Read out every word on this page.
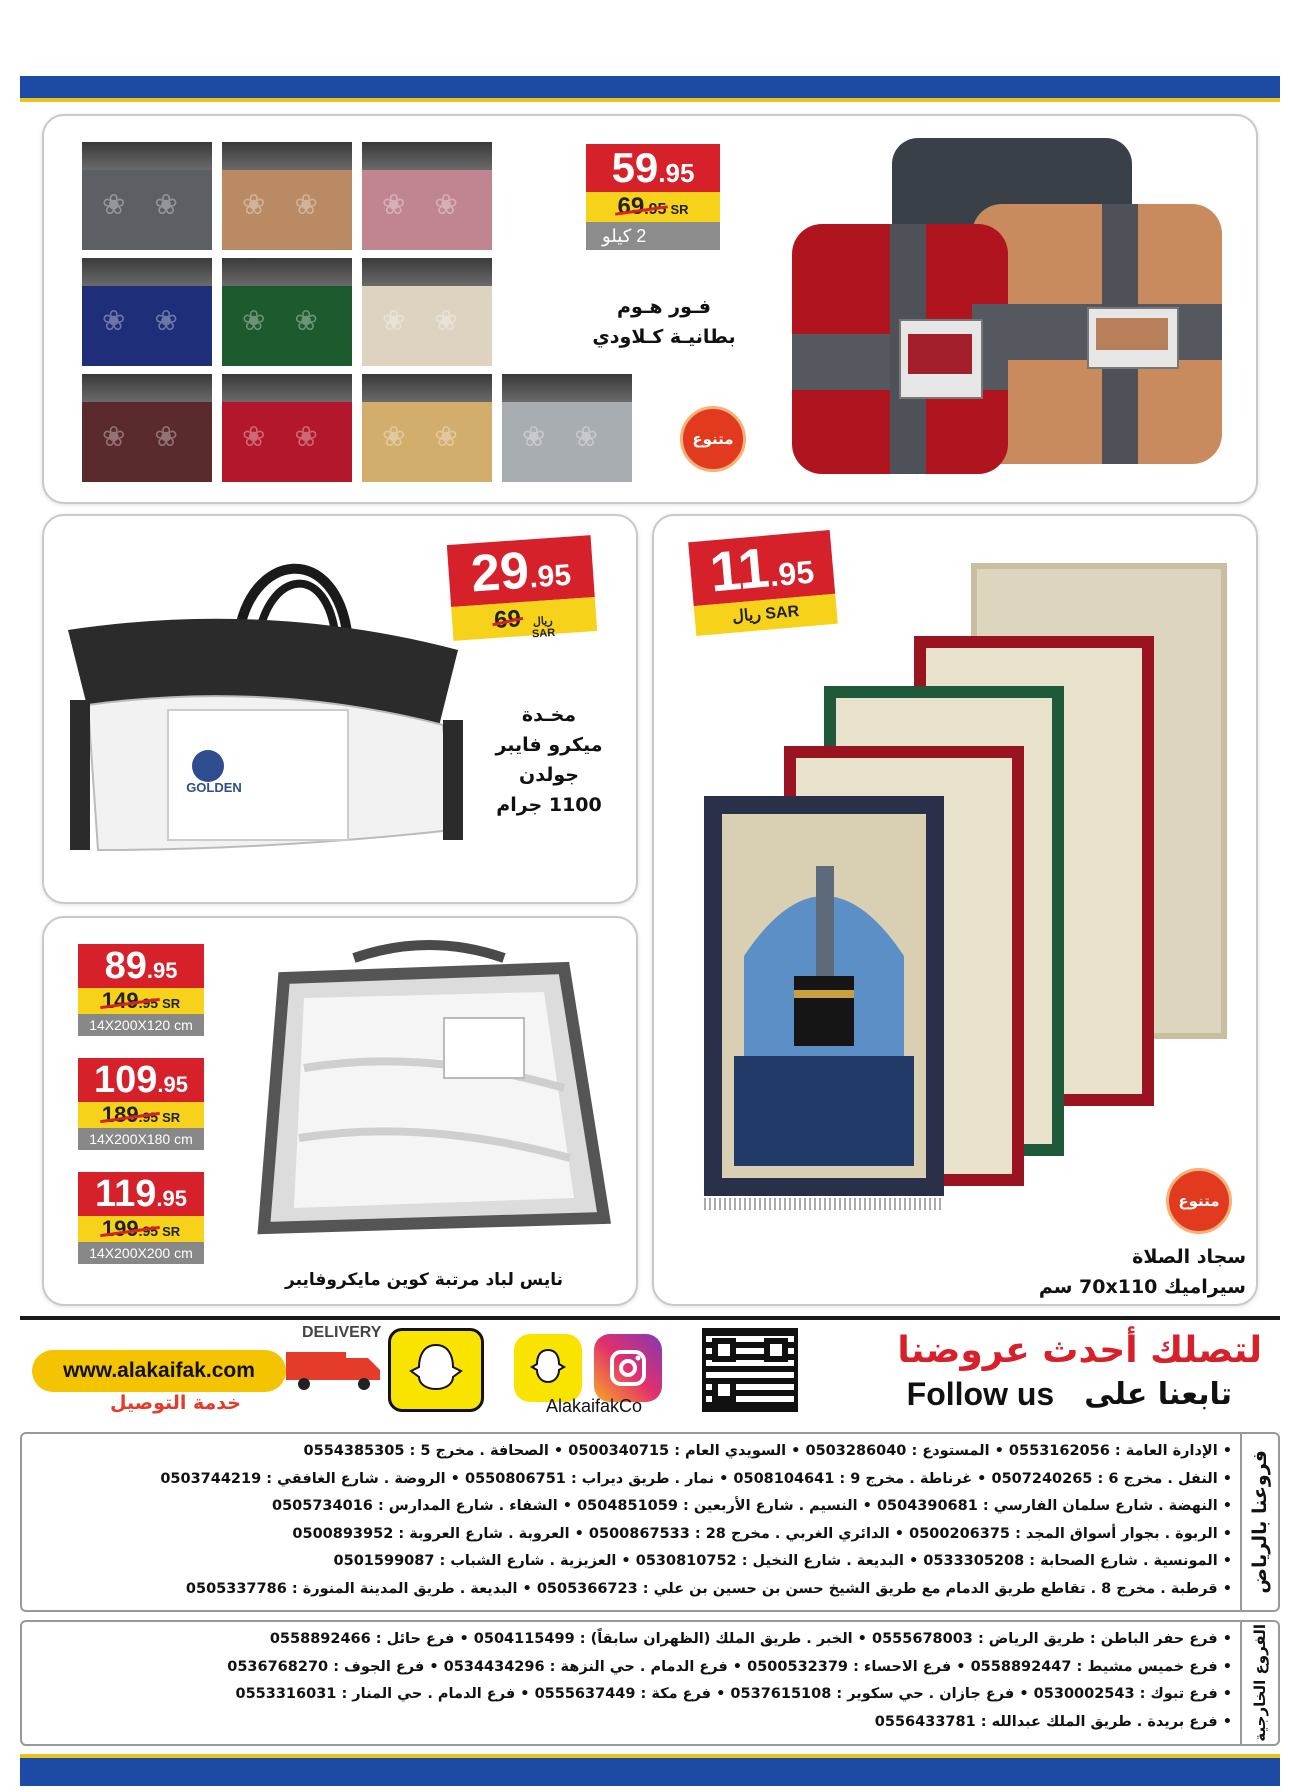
❀ ❀
❀ ❀
❀ ❀
❀ ❀
❀ ❀
❀ ❀
❀ ❀
❀ ❀
❀ ❀
❀ ❀
59 .95
69.95 SR
2 كيلو
فـور هـوم
بطانيـة كـلاودي
متنوع
GOLDEN
29
.95
69 ريال
SAR
مخـدة
ميكرو فايبر
جولدن
1100 جرام
11
.95
ريال SAR
متنوع
سجاد الصلاة
سيراميك 70x110 سم
89 .95
149.95 SR
14X200X120 cm
109 .95
189.95 SR
14X200X180 cm
119 .95
199.95 SR
14X200X200 cm
نايس لباد مرتبة كوين مايكروفايبر
www.alakaifak.com
DELIVERY
خدمة التوصيل	AlakaifakCo
لتصلك أحدث عروضنا
Follow us تابعنا على
فروعنا بالرياض
• الإدارة العامة : 0553162056 • المستودع : 0503286040 • السويدي العام : 0500340715 • الصحافة . مخرج 5 : 0554385305
• النفل . مخرج 6 : 0507240265 • غرناطة . مخرج 9 : 0508104641 • نمار . طريق ديراب : 0550806751 • الروضة . شارع الغافقي : 0503744219
• النهضة . شارع سلمان الفارسي : 0504390681 • النسيم . شارع الأربعين : 0504851059 • الشفاء . شارع المدارس : 0505734016
• الربوة . بجوار أسواق المجد : 0500206375 • الدائري الغربي . مخرج 28 : 0500867533 • العروبة . شارع العروبة : 0500893952
• المونسية . شارع الصحابة : 0533305208 • البديعة . شارع النخيل : 0530810752 • العزيزية . شارع الشباب : 0501599087
• قرطبة . مخرج 8 . تقاطع طريق الدمام مع طريق الشيخ حسن بن حسين بن علي : 0505366723 • البديعة . طريق المدينة المنورة : 0505337786
الفروع الخارجية
• فرع حفر الباطن : طريق الرياض : 0555678003 • الخبر . طريق الملك (الظهران سابقاً) : 0504115499 • فرع حائل : 0558892466
• فرع خميس مشيط : 0558892447 • فرع الاحساء : 0500532379 • فرع الدمام . حي النزهة : 0534434296 • فرع الجوف : 0536768270
• فرع تبوك : 0530002543 • فرع جازان . حي سكوير : 0537615108 • فرع مكة : 0555637449 • فرع الدمام . حي المنار : 0553316031
• فرع بريدة . طريق الملك عبدالله : 0556433781
